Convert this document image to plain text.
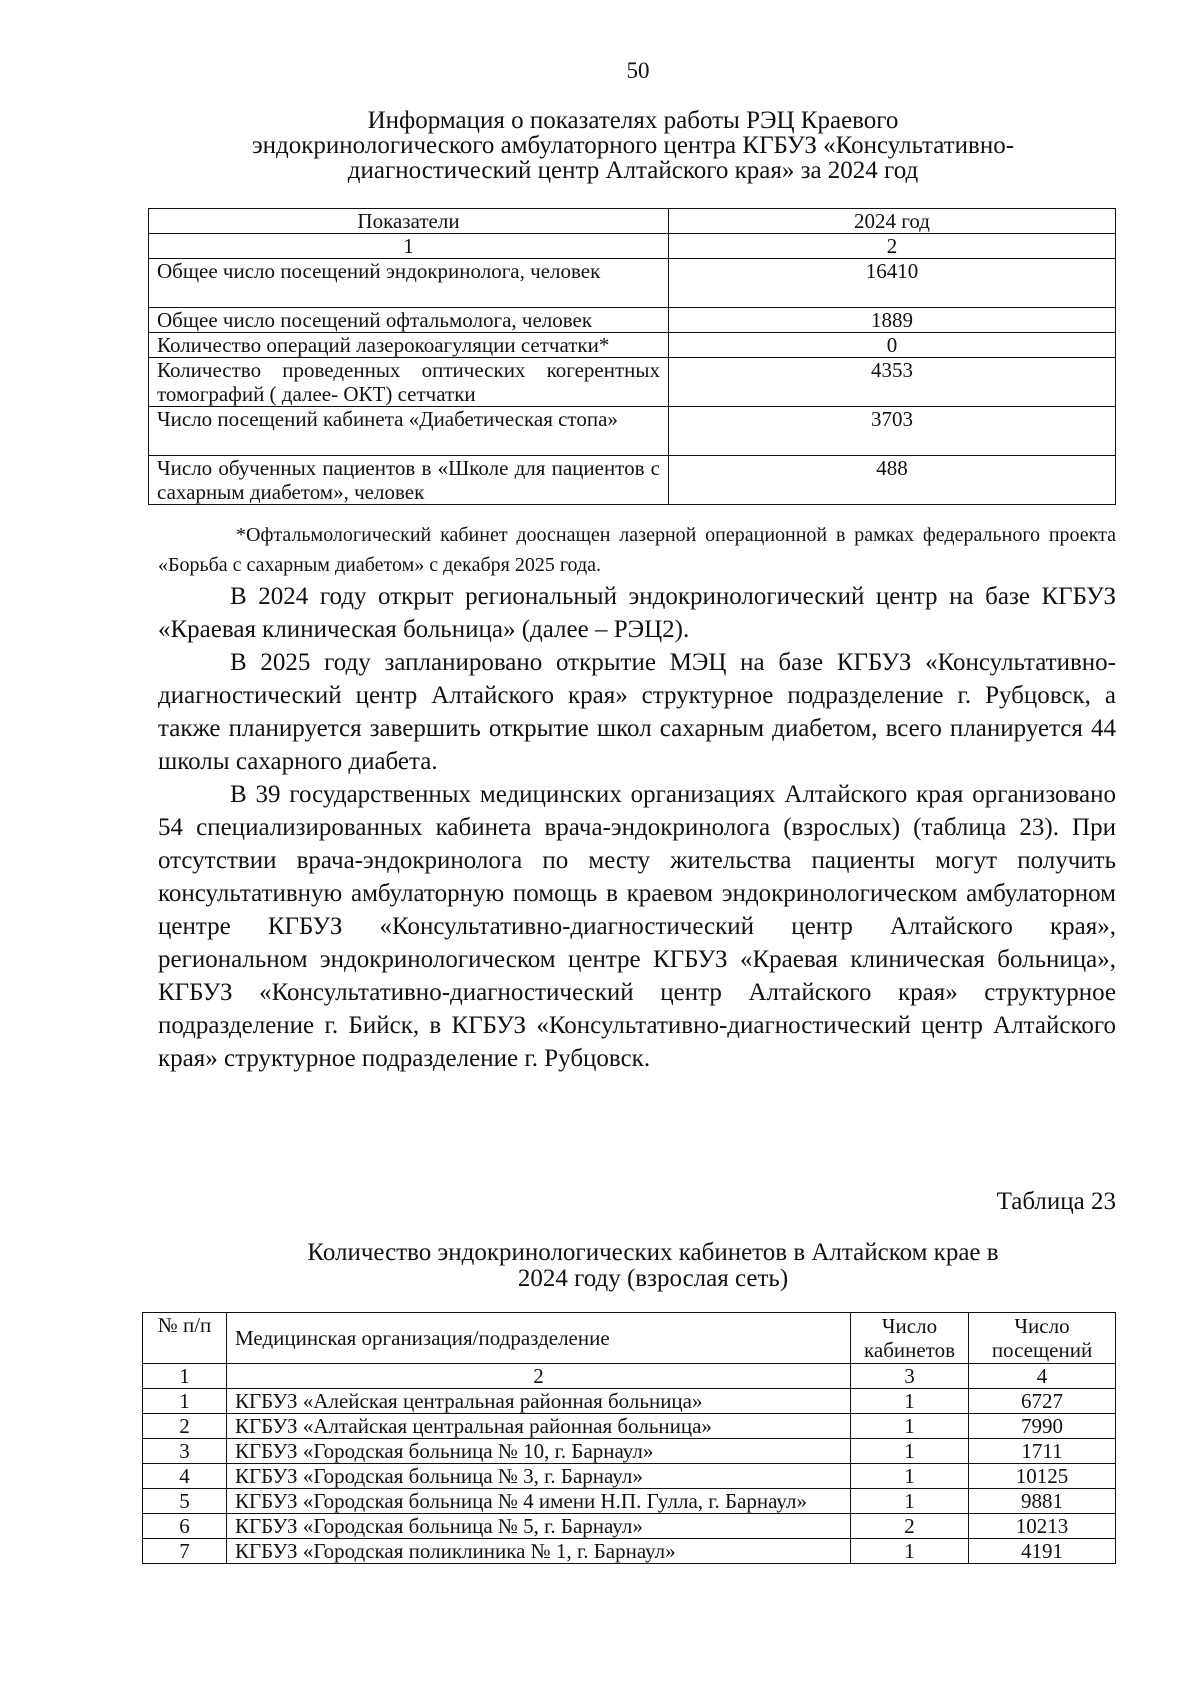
50
Информация о показателях работы РЭЦ Краевого
эндокринологического амбулаторного центра КГБУЗ «Консультативно-
диагностический центр Алтайского края» за 2024 год
Показатели	2024 год
1	2
Общее число посещений эндокринолога, человек	16410
Общее число посещений офтальмолога, человек	1889
Количество операций лазерокоагуляции сетчатки*	0
Количество проведенных оптических когерентных томографий ( далее- ОКТ) сетчатки	4353
Число посещений кабинета «Диабетическая стопа»	3703
Число обученных пациентов в «Школе для пациентов с сахарным диабетом», человек	488
*Офтальмологический кабинет дооснащен лазерной операционной в рамках федерального проекта «Борьба с сахарным диабетом» с декабря 2025 года.

В 2024 году открыт региональный эндокринологический центр на базе КГБУЗ «Краевая клиническая больница» (далее – РЭЦ2).

В 2025 году запланировано открытие МЭЦ на базе КГБУЗ «Консультативно-диагностический центр Алтайского края» структурное подразделение г. Рубцовск, а также планируется завершить открытие школ сахарным диабетом, всего планируется 44 школы сахарного диабета.

В 39 государственных медицинских организациях Алтайского края организовано 54 специализированных кабинета врача-эндокринолога (взрослых) (таблица 23). При отсутствии врача-эндокринолога по месту жительства пациенты могут получить консультативную амбулаторную помощь в краевом эндокринологическом амбулаторном центре КГБУЗ «Консультативно-диагностический центр Алтайского края», региональном эндокринологическом центре КГБУЗ «Краевая клиническая больница», КГБУЗ «Консультативно-диагностический центр Алтайского края» структурное подразделение г. Бийск, в КГБУЗ «Консультативно-диагностический центр Алтайского края» структурное подразделение г. Рубцовск.

Таблица 23
Количество эндокринологических кабинетов в Алтайском крае в
2024 году (взрослая сеть)
№ п/п	Медицинская организация/подразделение	Число кабинетов	Число посещений
1	2	3	4
1	КГБУЗ «Алейская центральная районная больница»	1	6727
2	КГБУЗ «Алтайская центральная районная больница»	1	7990
3	КГБУЗ «Городская больница № 10, г. Барнаул»	1	1711
4	КГБУЗ «Городская больница № 3, г. Барнаул»	1	10125
5	КГБУЗ «Городская больница № 4 имени Н.П. Гулла, г. Барнаул»	1	9881
6	КГБУЗ «Городская больница № 5, г. Барнаул»	2	10213
7	КГБУЗ «Городская поликлиника № 1, г. Барнаул»	1	4191
